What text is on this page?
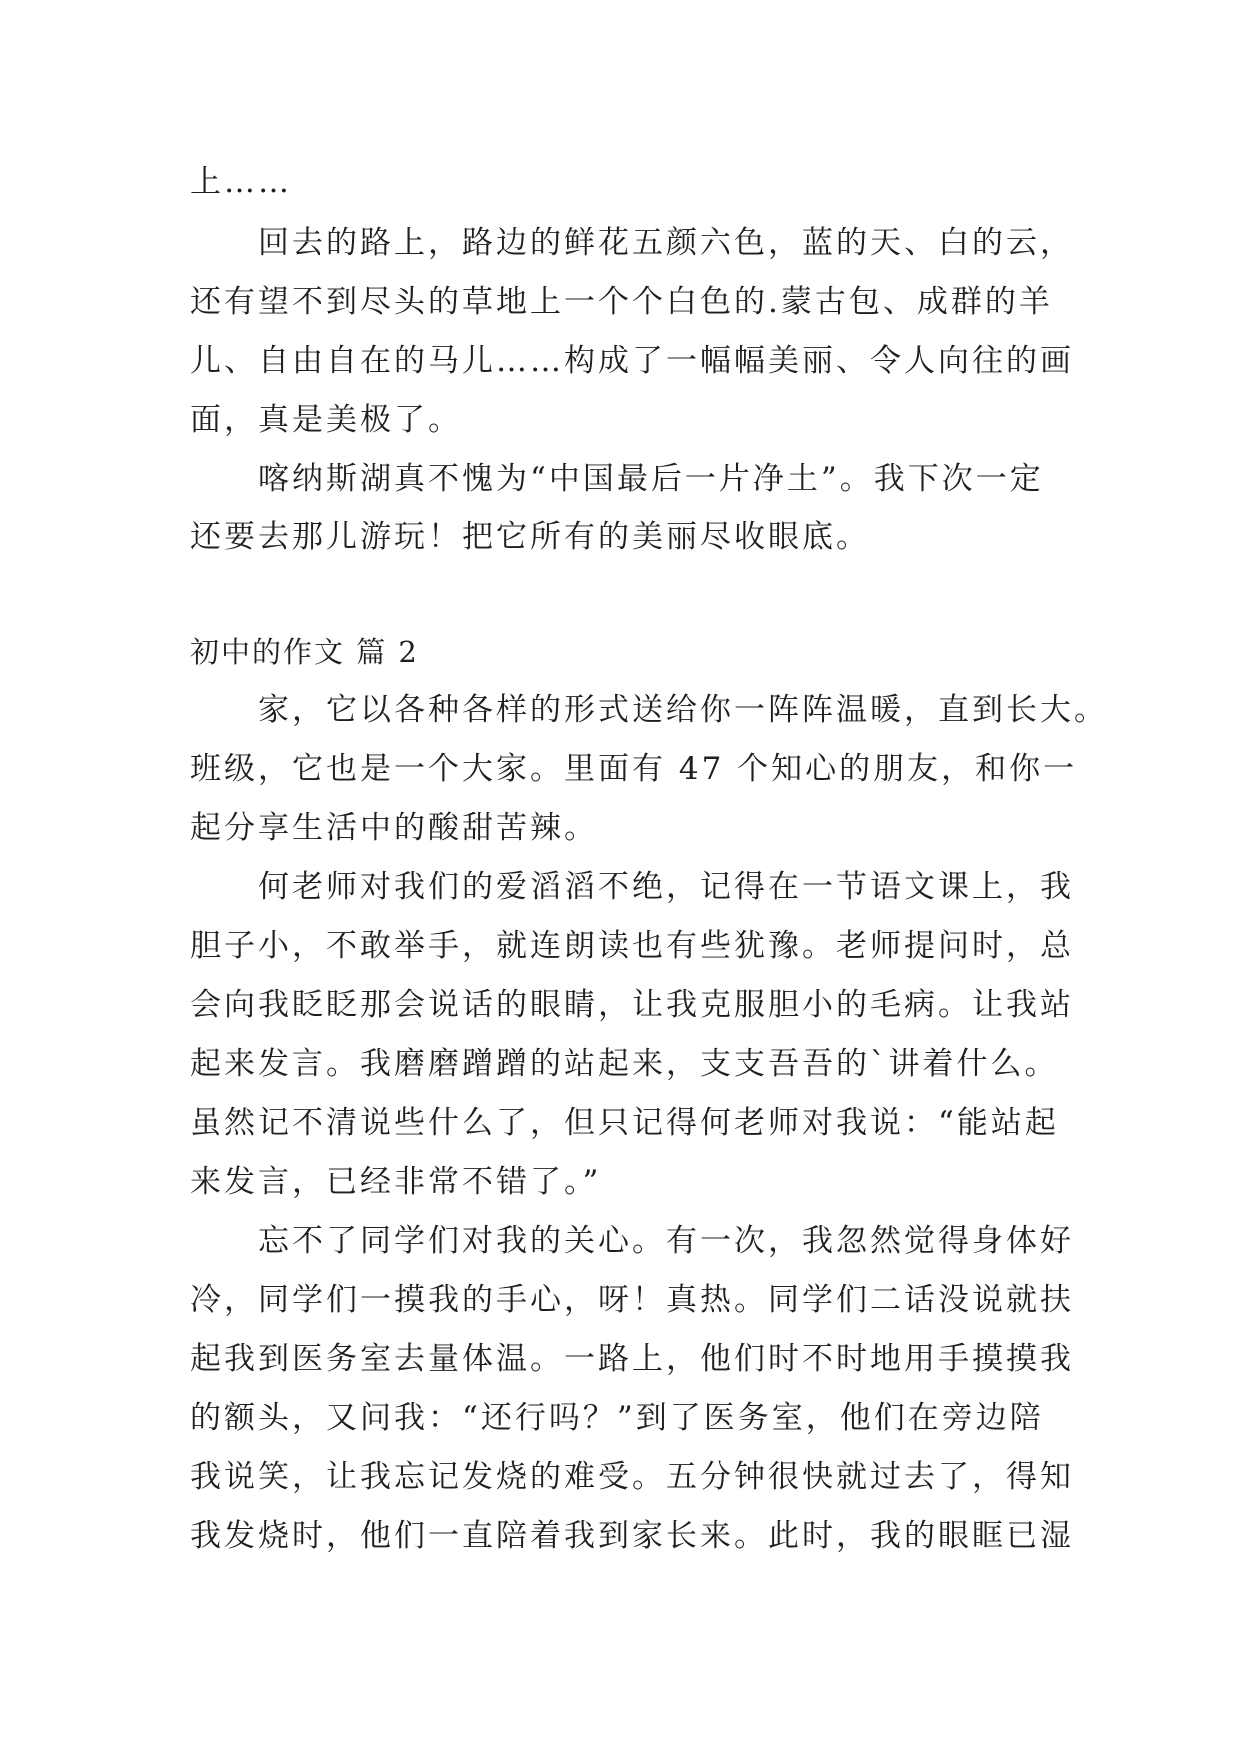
上……
回去的路上，路边的鲜花五颜六色，蓝的天、白的云，
还有望不到尽头的草地上一个个白色的.蒙古包、成群的羊
儿、自由自在的马儿……构成了一幅幅美丽、令人向往的画
面，真是美极了。
喀纳斯湖真不愧为“中国最后一片净土”。我下次一定
还要去那儿游玩！把它所有的美丽尽收眼底。
初中的作文 篇 2
家，它以各种各样的形式送给你一阵阵温暖，直到长大。
班级，它也是一个大家。里面有 47 个知心的朋友，和你一
起分享生活中的酸甜苦辣。
何老师对我们的爱滔滔不绝，记得在一节语文课上，我
胆子小，不敢举手，就连朗读也有些犹豫。老师提问时，总
会向我眨眨那会说话的眼睛，让我克服胆小的毛病。让我站
起来发言。我磨磨蹭蹭的站起来，支支吾吾的`讲着什么。
虽然记不清说些什么了，但只记得何老师对我说：“能站起
来发言，已经非常不错了。”
忘不了同学们对我的关心。有一次，我忽然觉得身体好
冷，同学们一摸我的手心，呀！真热。同学们二话没说就扶
起我到医务室去量体温。一路上，他们时不时地用手摸摸我
的额头，又问我：“还行吗？”到了医务室，他们在旁边陪
我说笑，让我忘记发烧的难受。五分钟很快就过去了，得知
我发烧时，他们一直陪着我到家长来。此时，我的眼眶已湿
